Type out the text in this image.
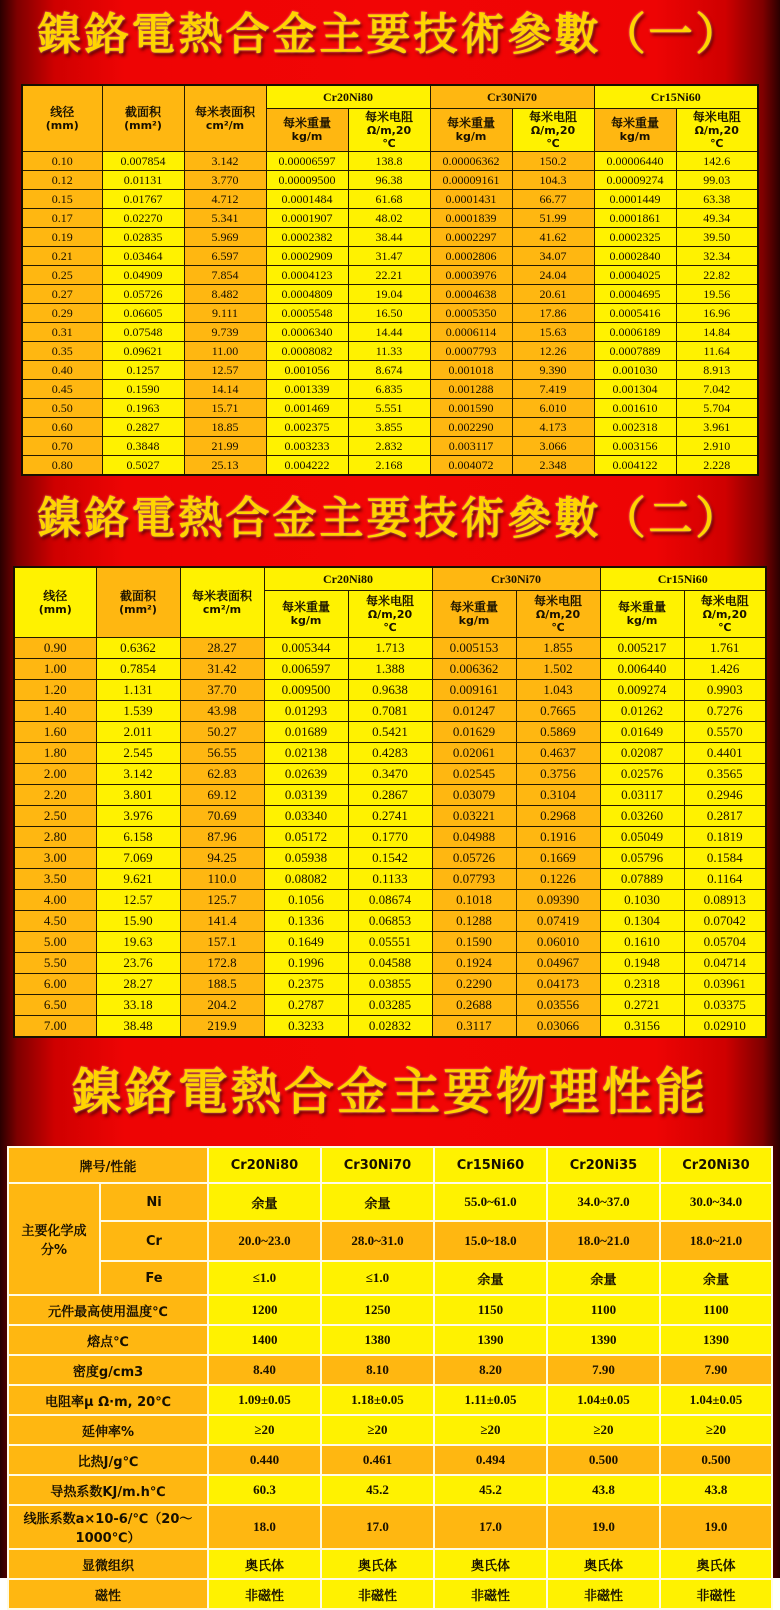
鎳鉻電熱合金主要技術參數（一）
线径
(mm)

截面积
(mm²)

每米表面积
cm²/m
	Cr20Ni80	Cr30Ni70	Cr15Ni60

每米重量
kg/m

每米电阻
Ω/m,20
℃

每米重量
kg/m

每米电阻
Ω/m,20
℃

每米重量
kg/m

每米电阻
Ω/m,20
℃

0.10	0.007854	3.142	0.00006597	138.8	0.00006362	150.2	0.00006440	142.6
0.12	0.01131	3.770	0.00009500	96.38	0.00009161	104.3	0.00009274	99.03
0.15	0.01767	4.712	0.0001484	61.68	0.0001431	66.77	0.0001449	63.38
0.17	0.02270	5.341	0.0001907	48.02	0.0001839	51.99	0.0001861	49.34
0.19	0.02835	5.969	0.0002382	38.44	0.0002297	41.62	0.0002325	39.50
0.21	0.03464	6.597	0.0002909	31.47	0.0002806	34.07	0.0002840	32.34
0.25	0.04909	7.854	0.0004123	22.21	0.0003976	24.04	0.0004025	22.82
0.27	0.05726	8.482	0.0004809	19.04	0.0004638	20.61	0.0004695	19.56
0.29	0.06605	9.111	0.0005548	16.50	0.0005350	17.86	0.0005416	16.96
0.31	0.07548	9.739	0.0006340	14.44	0.0006114	15.63	0.0006189	14.84
0.35	0.09621	11.00	0.0008082	11.33	0.0007793	12.26	0.0007889	11.64
0.40	0.1257	12.57	0.001056	8.674	0.001018	9.390	0.001030	8.913
0.45	0.1590	14.14	0.001339	6.835	0.001288	7.419	0.001304	7.042
0.50	0.1963	15.71	0.001469	5.551	0.001590	6.010	0.001610	5.704
0.60	0.2827	18.85	0.002375	3.855	0.002290	4.173	0.002318	3.961
0.70	0.3848	21.99	0.003233	2.832	0.003117	3.066	0.003156	2.910
0.80	0.5027	25.13	0.004222	2.168	0.004072	2.348	0.004122	2.228
鎳鉻電熱合金主要技術參數（二）
线径
(mm)

截面积
(mm²)

每米表面积
cm²/m
	Cr20Ni80	Cr30Ni70	Cr15Ni60

每米重量
kg/m

每米电阻
Ω/m,20
℃

每米重量
kg/m

每米电阻
Ω/m,20
℃

每米重量
kg/m

每米电阻
Ω/m,20
℃

0.90	0.6362	28.27	0.005344	1.713	0.005153	1.855	0.005217	1.761
1.00	0.7854	31.42	0.006597	1.388	0.006362	1.502	0.006440	1.426
1.20	1.131	37.70	0.009500	0.9638	0.009161	1.043	0.009274	0.9903
1.40	1.539	43.98	0.01293	0.7081	0.01247	0.7665	0.01262	0.7276
1.60	2.011	50.27	0.01689	0.5421	0.01629	0.5869	0.01649	0.5570
1.80	2.545	56.55	0.02138	0.4283	0.02061	0.4637	0.02087	0.4401
2.00	3.142	62.83	0.02639	0.3470	0.02545	0.3756	0.02576	0.3565
2.20	3.801	69.12	0.03139	0.2867	0.03079	0.3104	0.03117	0.2946
2.50	3.976	70.69	0.03340	0.2741	0.03221	0.2968	0.03260	0.2817
2.80	6.158	87.96	0.05172	0.1770	0.04988	0.1916	0.05049	0.1819
3.00	7.069	94.25	0.05938	0.1542	0.05726	0.1669	0.05796	0.1584
3.50	9.621	110.0	0.08082	0.1133	0.07793	0.1226	0.07889	0.1164
4.00	12.57	125.7	0.1056	0.08674	0.1018	0.09390	0.1030	0.08913
4.50	15.90	141.4	0.1336	0.06853	0.1288	0.07419	0.1304	0.07042
5.00	19.63	157.1	0.1649	0.05551	0.1590	0.06010	0.1610	0.05704
5.50	23.76	172.8	0.1996	0.04588	0.1924	0.04967	0.1948	0.04714
6.00	28.27	188.5	0.2375	0.03855	0.2290	0.04173	0.2318	0.03961
6.50	33.18	204.2	0.2787	0.03285	0.2688	0.03556	0.2721	0.03375
7.00	38.48	219.9	0.3233	0.02832	0.3117	0.03066	0.3156	0.02910
鎳鉻電熱合金主要物理性能
牌号/性能		Cr20Ni80	Cr30Ni70	Cr15Ni60	Cr20Ni35	Cr20Ni30
主要化学成分%	Ni	余量	余量	55.0~61.0	34.0~37.0	30.0~34.0
	Cr	20.0~23.0	28.0~31.0	15.0~18.0	18.0~21.0	18.0~21.0
	Fe	≤1.0	≤1.0	余量	余量	余量
元件最高使用温度℃		1200	1250	1150	1100	1100
熔点℃		1400	1380	1390	1390	1390
密度g/cm3		8.40	8.10	8.20	7.90	7.90
电阻率μ Ω·m, 20℃		1.09±0.05	1.18±0.05	1.11±0.05	1.04±0.05	1.04±0.05
延伸率%		≥20	≥20	≥20	≥20	≥20
比热J/g℃		0.440	0.461	0.494	0.500	0.500
导热系数KJ/m.h℃		60.3	45.2	45.2	43.8	43.8
线胀系数a×10-6/℃（20～1000℃）		18.0	17.0	17.0	19.0	19.0
显微组织		奥氏体	奥氏体	奥氏体	奥氏体	奥氏体
磁性		非磁性	非磁性	非磁性	非磁性	非磁性
